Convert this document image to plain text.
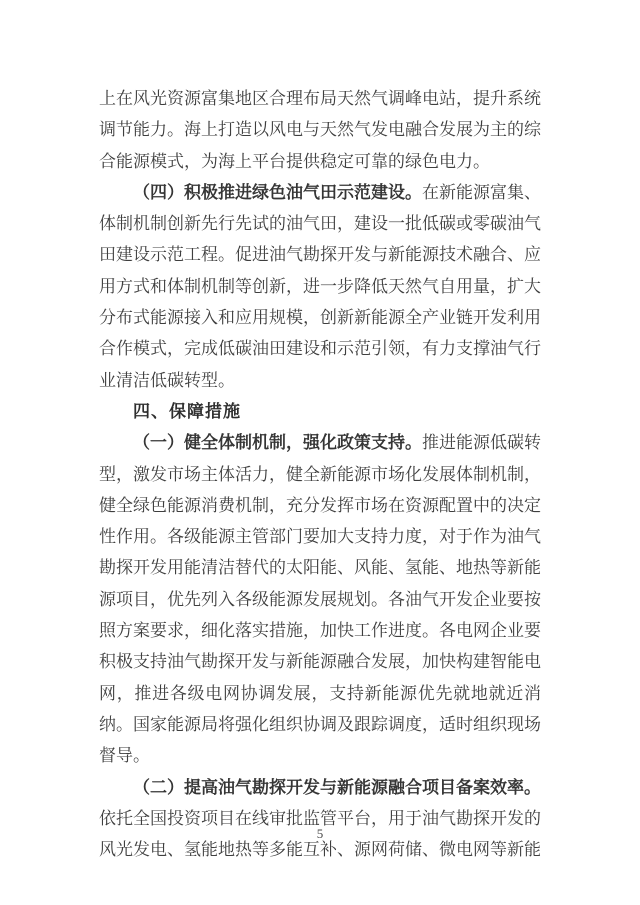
上在风光资源富集地区合理布局天然气调峰电站，提升系统调节能力。海上打造以风电与天然气发电融合发展为主的综合能源模式，为海上平台提供稳定可靠的绿色电力。

（四）积极推进绿色油气田示范建设。在新能源富集、体制机制创新先行先试的油气田，建设一批低碳或零碳油气田建设示范工程。促进油气勘探开发与新能源技术融合、应用方式和体制机制等创新，进一步降低天然气自用量，扩大分布式能源接入和应用规模，创新新能源全产业链开发利用合作模式，完成低碳油田建设和示范引领，有力支撑油气行业清洁低碳转型。

四、保障措施

（一）健全体制机制，强化政策支持。推进能源低碳转型，激发市场主体活力，健全新能源市场化发展体制机制，健全绿色能源消费机制，充分发挥市场在资源配置中的决定性作用。各级能源主管部门要加大支持力度，对于作为油气勘探开发用能清洁替代的太阳能、风能、氢能、地热等新能源项目，优先列入各级能源发展规划。各油气开发企业要按照方案要求，细化落实措施，加快工作进度。各电网企业要积极支持油气勘探开发与新能源融合发展，加快构建智能电网，推进各级电网协调发展，支持新能源优先就地就近消纳。国家能源局将强化组织协调及跟踪调度，适时组织现场督导。

（二）提高油气勘探开发与新能源融合项目备案效率。依托全国投资项目在线审批监管平台，用于油气勘探开发的风光发电、氢能地热等多能互补、源网荷储、微电网等新能

5
